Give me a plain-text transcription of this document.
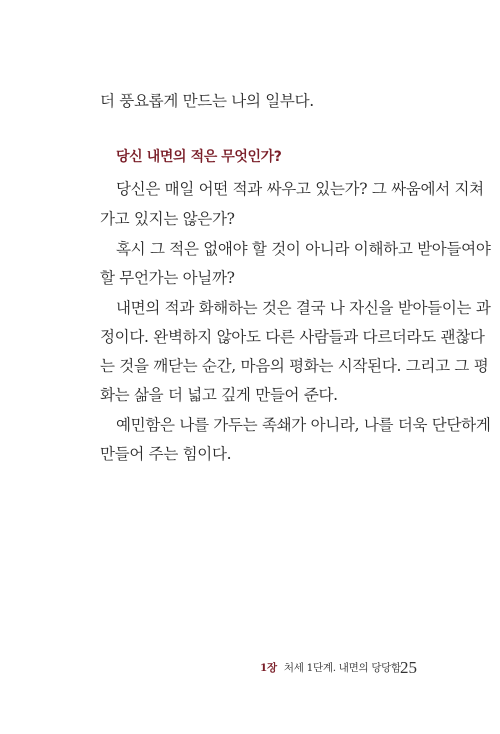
더 풍요롭게 만드는 나의 일부다.

당신 내면의 적은 무엇인가?

당신은 매일 어떤 적과 싸우고 있는가? 그 싸움에서 지쳐

가고 있지는 않은가?

혹시 그 적은 없애야 할 것이 아니라 이해하고 받아들여야

할 무언가는 아닐까?

내면의 적과 화해하는 것은 결국 나 자신을 받아들이는 과

정이다. 완벽하지 않아도 다른 사람들과 다르더라도 괜찮다

는 것을 깨닫는 순간, 마음의 평화는 시작된다. 그리고 그 평

화는 삶을 더 넓고 깊게 만들어 준다.

예민함은 나를 가두는 족쇄가 아니라, 나를 더욱 단단하게

만들어 주는 힘이다.

1장 처세 1단계. 내면의 당당함 25
